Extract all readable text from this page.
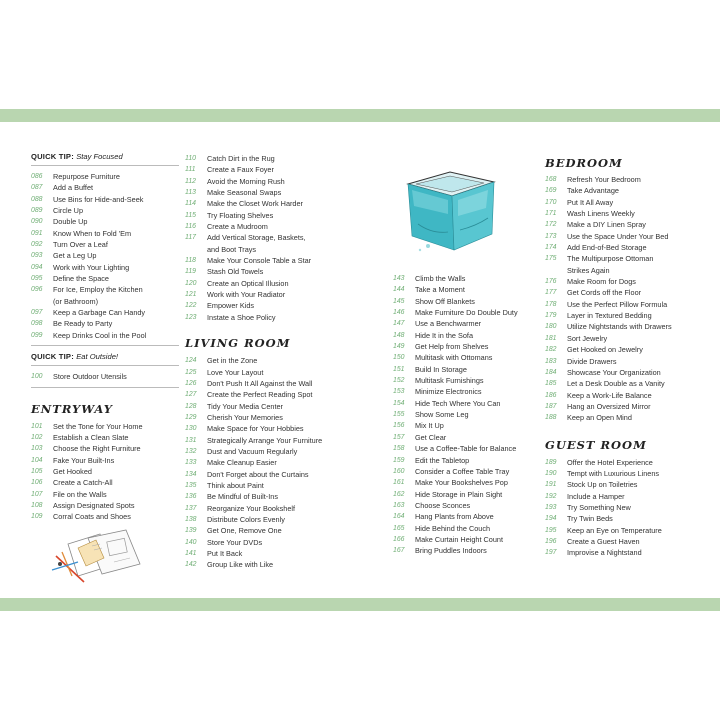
QUICK TIP: Stay Focused
086	Repurpose Furniture
087	Add a Buffet
088	Use Bins for Hide-and-Seek
089	Circle Up
090	Double Up
091	Know When to Fold 'Em
092	Turn Over a Leaf
093	Get a Leg Up
094	Work with Your Lighting
095	Define the Space
096	For Ice, Employ the Kitchen
(or Bathroom)
097	Keep a Garbage Can Handy
098	Be Ready to Party
099	Keep Drinks Cool in the Pool
QUICK TIP: Eat Outside!
100	Store Outdoor Utensils
ENTRYWAY
101	Set the Tone for Your Home
102	Establish a Clean Slate
103	Choose the Right Furniture
104	Fake Your Built-Ins
105	Get Hooked
106	Create a Catch-All
107	File on the Walls
108	Assign Designated Spots
109	Corral Coats and Shoes
110	Catch Dirt in the Rug
111	Create a Faux Foyer
112	Avoid the Morning Rush
113	Make Seasonal Swaps
114	Make the Closet Work Harder
115	Try Floating Shelves
116	Create a Mudroom
117	Add Vertical Storage, Baskets,
and Boot Trays
118	Make Your Console Table a Star
119	Stash Old Towels
120	Create an Optical Illusion
121	Work with Your Radiator
122	Empower Kids
123	Instate a Shoe Policy
LIVING ROOM
124	Get in the Zone
125	Love Your Layout
126	Don't Push It All Against the Wall
127	Create the Perfect Reading Spot
128	Tidy Your Media Center
129	Cherish Your Memories
130	Make Space for Your Hobbies
131	Strategically Arrange Your Furniture
132	Dust and Vacuum Regularly
133	Make Cleanup Easier
134	Don't Forget about the Curtains
135	Think about Paint
136	Be Mindful of Built-Ins
137	Reorganize Your Bookshelf
138	Distribute Colors Evenly
139	Get One, Remove One
140	Store Your DVDs
141	Put It Back
142	Group Like with Like
143	Climb the Walls
144	Take a Moment
145	Show Off Blankets
146	Make Furniture Do Double Duty
147	Use a Benchwarmer
148	Hide It in the Sofa
149	Get Help from Shelves
150	Multitask with Ottomans
151	Build In Storage
152	Multitask Furnishings
153	Minimize Electronics
154	Hide Tech Where You Can
155	Show Some Leg
156	Mix It Up
157	Get Clear
158	Use a Coffee-Table for Balance
159	Edit the Tabletop
160	Consider a Coffee Table Tray
161	Make Your Bookshelves Pop
162	Hide Storage in Plain Sight
163	Choose Sconces
164	Hang Plants from Above
165	Hide Behind the Couch
166	Make Curtain Height Count
167	Bring Puddles Indoors
BEDROOM
168	Refresh Your Bedroom
169	Take Advantage
170	Put It All Away
171	Wash Linens Weekly
172	Make a DIY Linen Spray
173	Use the Space Under Your Bed
174	Add End-of-Bed Storage
175	The Multipurpose Ottoman
Strikes Again
176	Make Room for Dogs
177	Get Cords off the Floor
178	Use the Perfect Pillow Formula
179	Layer in Textured Bedding
180	Utilize Nightstands with Drawers
181	Sort Jewelry
182	Get Hooked on Jewelry
183	Divide Drawers
184	Showcase Your Organization
185	Let a Desk Double as a Vanity
186	Keep a Work-Life Balance
187	Hang an Oversized Mirror
188	Keep an Open Mind
GUEST ROOM
189	Offer the Hotel Experience
190	Tempt with Luxurious Linens
191	Stock Up on Toiletries
192	Include a Hamper
193	Try Something New
194	Try Twin Beds
195	Keep an Eye on Temperature
196	Create a Guest Haven
197	Improvise a Nightstand
